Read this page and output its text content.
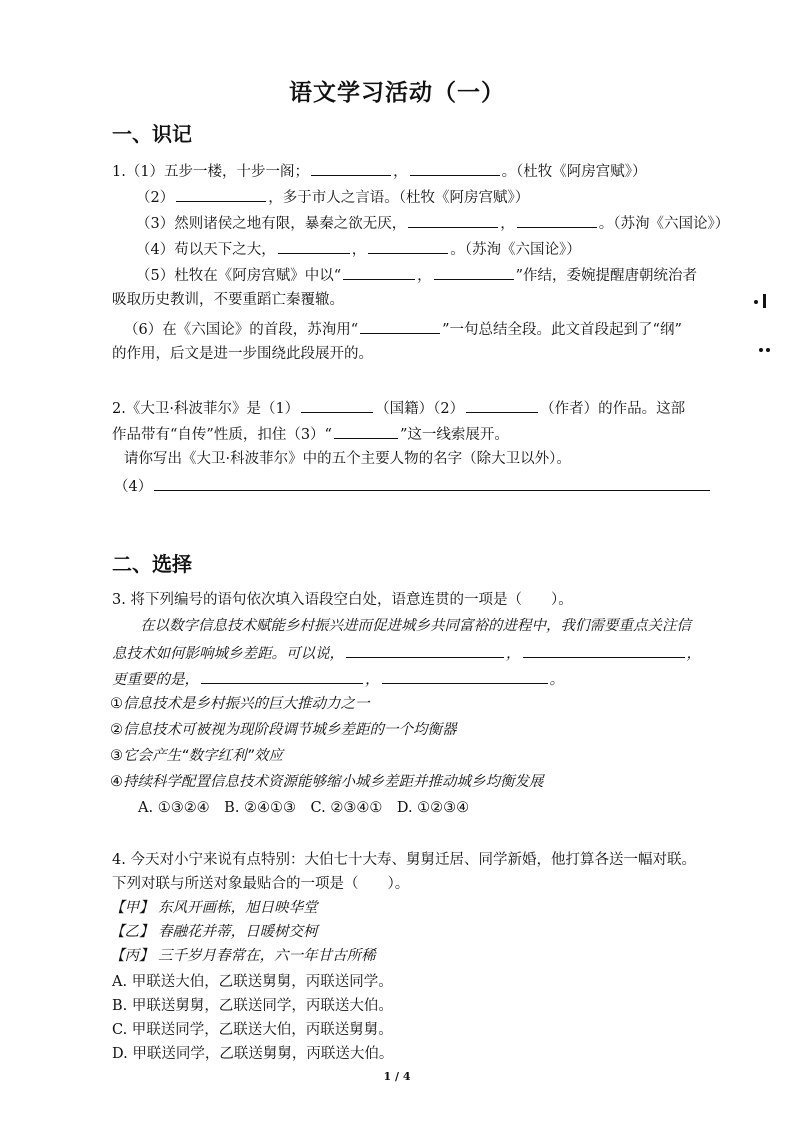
语文学习活动（一）
一、识记
1.（1）五步一楼，十步一阁；	，	。（杜牧《阿房宫赋》）
（2）	，多于市人之言语。（杜牧《阿房宫赋》）
（3）然则诸侯之地有限，暴秦之欲无厌，	，	。（苏洵《六国论》）
（4）苟以天下之大，	，	。（苏洵《六国论》）
（5）杜牧在《阿房宫赋》中以“	，	”作结，委婉提醒唐朝统治者
吸取历史教训，不要重蹈亡秦覆辙。
（6）在《六国论》的首段，苏洵用“	”一句总结全段。此文首段起到了“纲”
的作用，后文是进一步围绕此段展开的。
2.《大卫·科波菲尔》是（1）	（国籍）（2）	（作者）的作品。这部
作品带有“自传”性质，扣住（3）“	”这一线索展开。
请你写出《大卫·科波菲尔》中的五个主要人物的名字（除大卫以外）。
（4）
二、选择
3. 将下列编号的语句依次填入语段空白处，语意连贯的一项是（　　）。
在以数字信息技术赋能乡村振兴进而促进城乡共同富裕的进程中，我们需要重点关注信
息技术如何影响城乡差距。可以说，	，	，
更重要的是，	，	。
①信息技术是乡村振兴的巨大推动力之一
②信息技术可被视为现阶段调节城乡差距的一个均衡器
③它会产生“数字红利”效应
④持续科学配置信息技术资源能够缩小城乡差距并推动城乡均衡发展
A. ①③②④　B. ②④①③　C. ②③④①　D. ①②③④
4. 今天对小宁来说有点特别：大伯七十大寿、舅舅迁居、同学新婚，他打算各送一幅对联。
下列对联与所送对象最贴合的一项是（　　）。
【甲】 东风开画栋，旭日映华堂
【乙】 春融花并蒂，日暖树交柯
【丙】 三千岁月春常在，六一年甘古所稀
A. 甲联送大伯，乙联送舅舅，丙联送同学。
B. 甲联送舅舅，乙联送同学，丙联送大伯。
C. 甲联送同学，乙联送大伯，丙联送舅舅。
D. 甲联送同学，乙联送舅舅，丙联送大伯。
1 / 4
